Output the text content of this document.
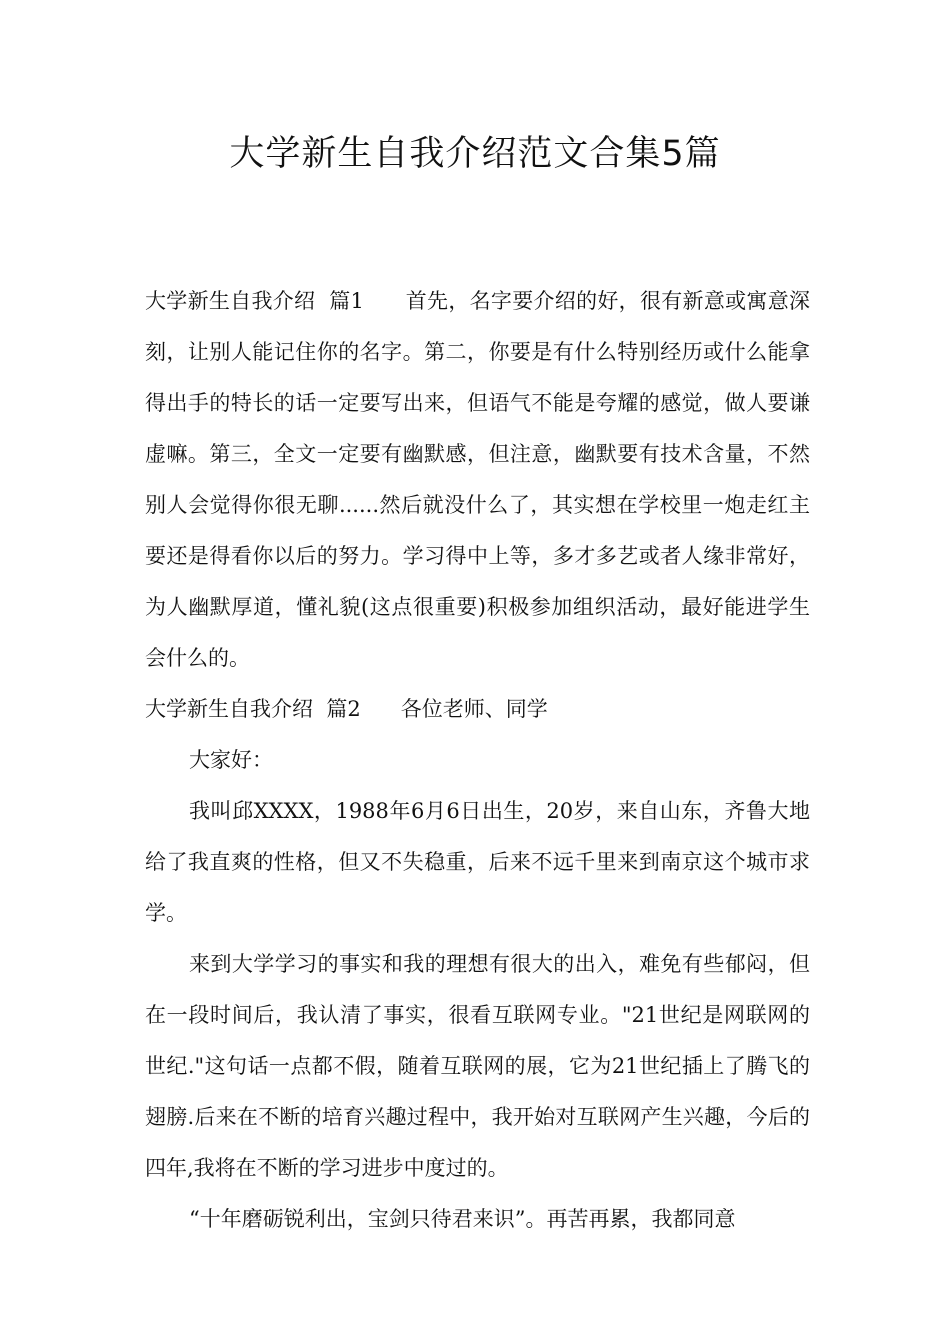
大学新生自我介绍范文合集5篇

大学新生自我介绍  篇1 首先，名字要介绍的好，很有新意或寓意深刻，让别人能记住你的名字。第二，你要是有什么特别经历或什么能拿得出手的特长的话一定要写出来，但语气不能是夸耀的感觉，做人要谦虚嘛。第三，全文一定要有幽默感，但注意，幽默要有技术含量，不然别人会觉得你很无聊......然后就没什么了，其实想在学校里一炮走红主要还是得看你以后的努力。学习得中上等，多才多艺或者人缘非常好，为人幽默厚道，懂礼貌(这点很重要)积极参加组织活动，最好能进学生会什么的。

大学新生自我介绍  篇2 各位老师、同学

大家好：

我叫邱XXXX，1988年6月6日出生，20岁，来自山东，齐鲁大地给了我直爽的性格，但又不失稳重，后来不远千里来到南京这个城市求学。

来到大学学习的事实和我的理想有很大的出入，难免有些郁闷，但在一段时间后，我认清了事实，很看互联网专业。"21世纪是网联网的世纪."这句话一点都不假，随着互联网的展，它为21世纪插上了腾飞的翅膀.后来在不断的培育兴趣过程中，我开始对互联网产生兴趣，今后的四年,我将在不断的学习进步中度过的。

“十年磨砺锐利出，宝剑只待君来识”。再苦再累，我都同意
